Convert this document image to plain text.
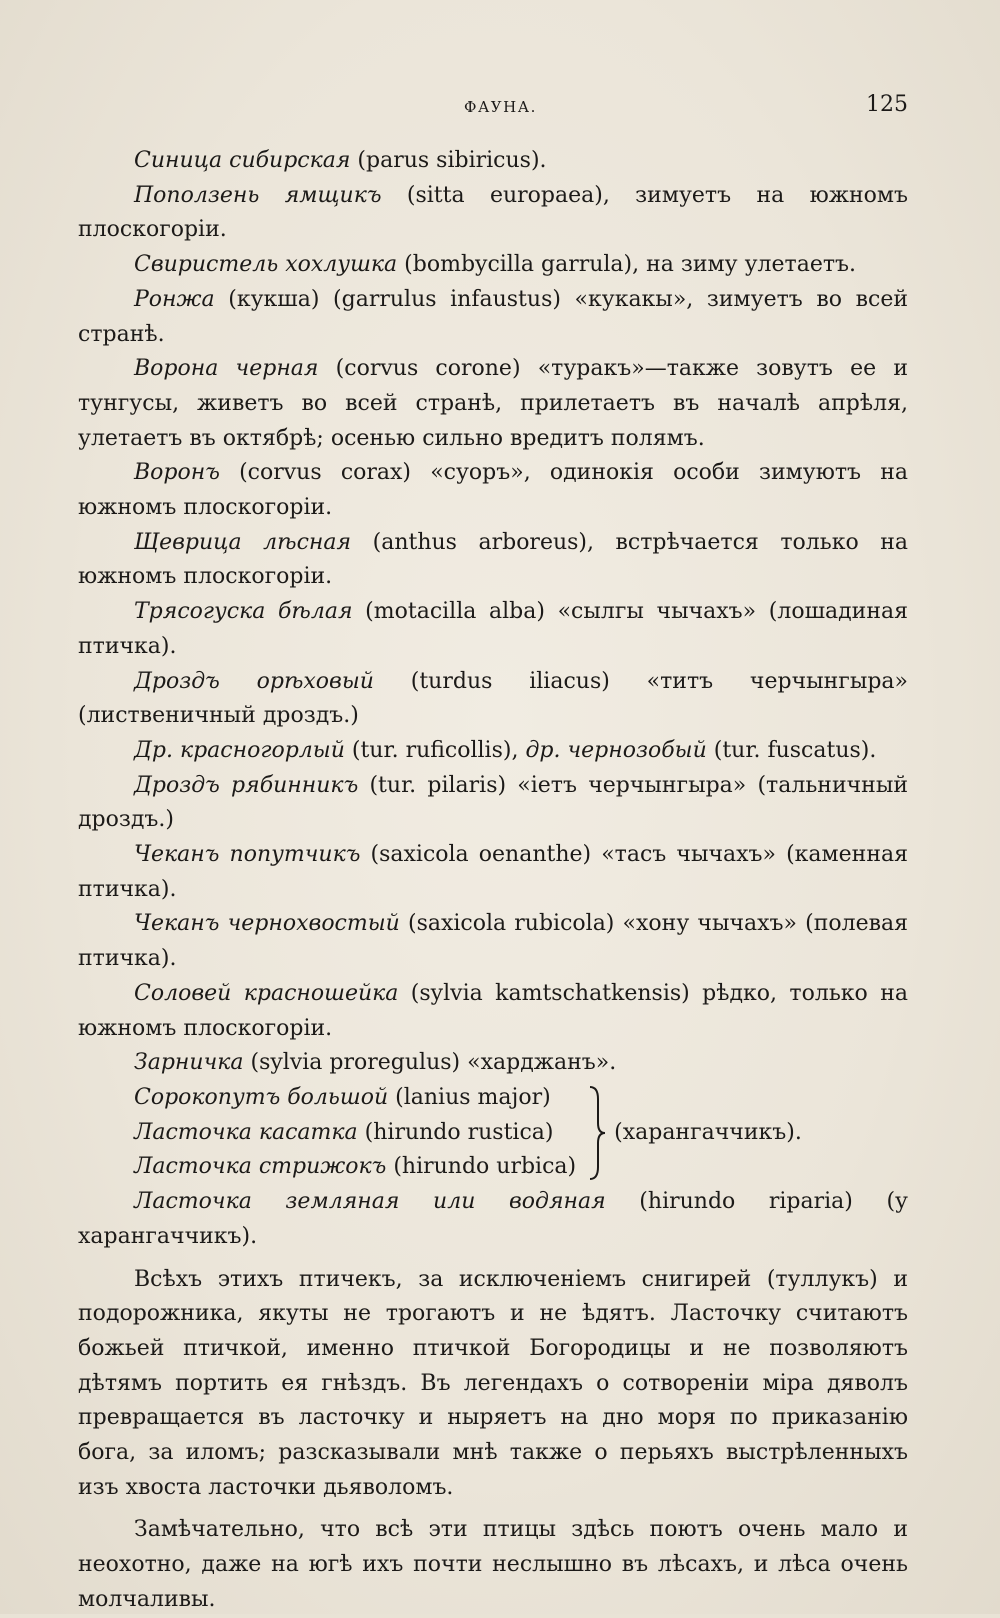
ФАУНА.	125

Синица сибирская (parus sibiricus).

Поползень ямщикъ (sitta europaea), зимуетъ на южномъ плоскогоріи.

Свиристель хохлушка (bombycilla garrula), на зиму улетаетъ.

Ронжа (кукша) (garrulus infaustus) «кукакы», зимуетъ во всей странѣ.

Ворона черная (corvus corone) «туракъ»—также зовутъ ее и тунгусы, живетъ во всей странѣ, прилетаетъ въ началѣ апрѣля, улетаетъ въ октябрѣ; осенью сильно вредитъ полямъ.

Воронъ (corvus corax) «суоръ», одинокія особи зимуютъ на южномъ плоскогоріи.

Щеврица лѣсная (anthus arboreus), встрѣчается только на южномъ плоскогоріи.

Трясогуска бѣлая (motacilla alba) «сылгы чычахъ» (лошадиная птичка).

Дроздъ орѣховый (turdus iliacus) «титъ черчынгыра» (лиственичный дроздъ.)

Др. красногорлый (tur. ruficollis), др. чернозобый (tur. fuscatus).

Дроздъ рябинникъ (tur. pilaris) «іетъ черчынгыра» (тальничный дроздъ.)

Чеканъ попутчикъ (saxicola oenanthe) «тасъ чычахъ» (каменная птичка).

Чеканъ чернохвостый (saxicola rubicola) «хону чычахъ» (полевая птичка).

Соловей красношейка (sylvia kamtschatkensis) рѣдко, только на южномъ плоскогоріи.

Зарничка (sylvia proregulus) «харджанъ».

Сорокопутъ большой (lanius major)
Ласточка касатка (hirundo rustica)
Ласточка стрижокъ (hirundo urbica)
(харангаччикъ).

Ласточка земляная или водяная (hirundo riparia) (у харангаччикъ).

Всѣхъ этихъ птичекъ, за исключеніемъ снигирей (туллукъ) и подорожника, якуты не трогаютъ и не ѣдятъ. Ласточку считаютъ божьей птичкой, именно птичкой Богородицы и не позволяютъ дѣтямъ портить ея гнѣздъ. Въ легендахъ о сотвореніи міра дяволъ превращается въ ласточку и ныряетъ на дно моря по приказанію бога, за иломъ; разсказывали мнѣ также о перьяхъ выстрѣленныхъ изъ хвоста ласточки дьяволомъ.

Замѣчательно, что всѣ эти птицы здѣсь поютъ очень мало и неохотно, даже на югѣ ихъ почти неслышно въ лѣсахъ, и лѣса очень молчаливы.
